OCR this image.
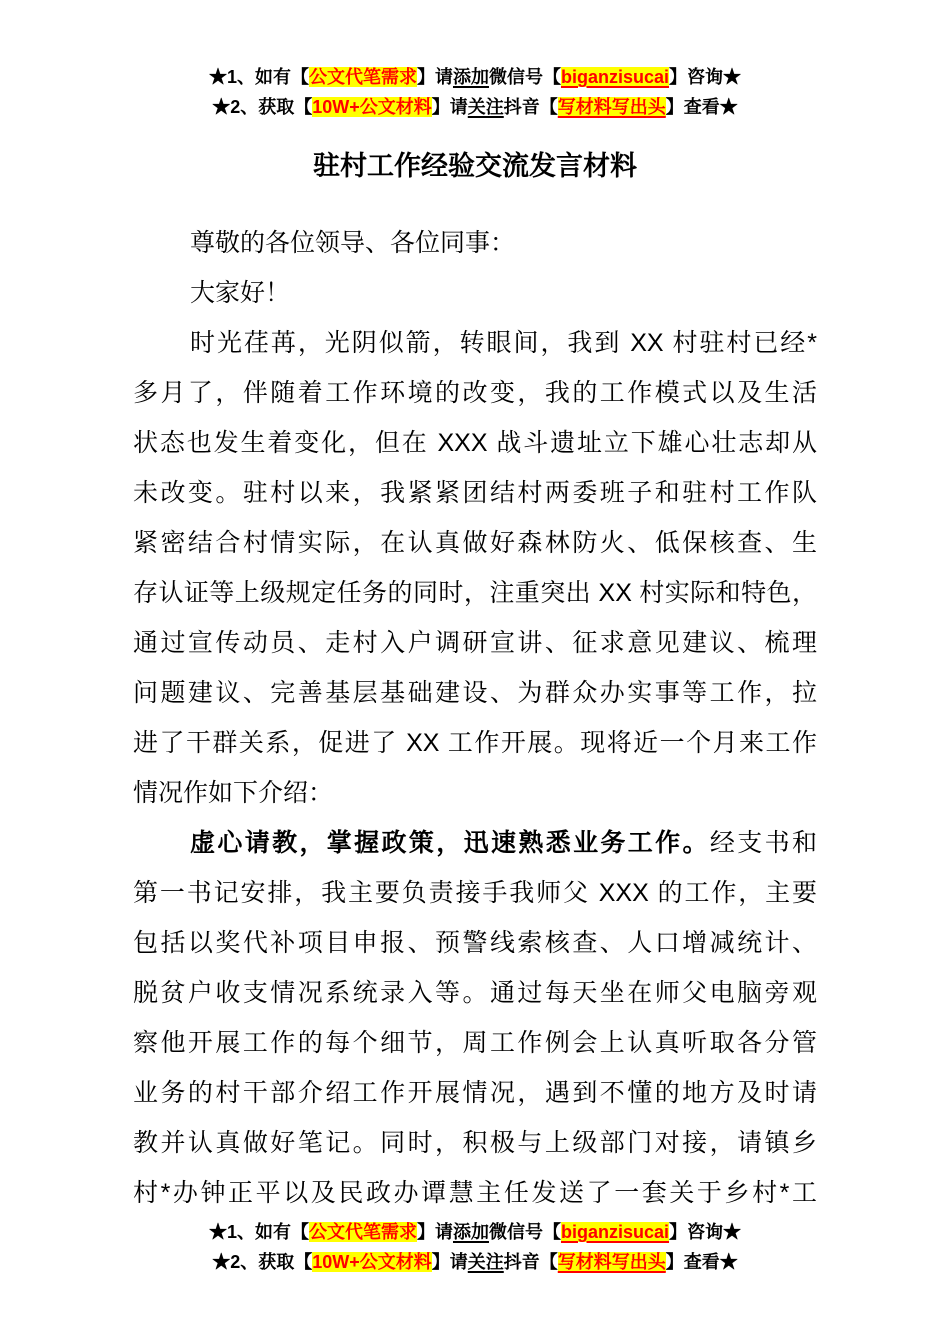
★1、如有【公文代笔需求】请添加微信号【biganzisucai】咨询★
★2、获取【10W+公文材料】请关注抖音【写材料写出头】查看★
驻村工作经验交流发言材料
尊敬的各位领导、各位同事：
大家好！
时光荏苒，光阴似箭，转眼间，我到 XX 村驻村已经*
多月了，伴随着工作环境的改变，我的工作模式以及生活
状态也发生着变化，但在 XXX 战斗遗址立下雄心壮志却从
未改变。驻村以来，我紧紧团结村两委班子和驻村工作队
紧密结合村情实际，在认真做好森林防火、低保核查、生
存认证等上级规定任务的同时，注重突出 XX 村实际和特色，
通过宣传动员、走村入户调研宣讲、征求意见建议、梳理
问题建议、完善基层基础建设、为群众办实事等工作，拉
进了干群关系，促进了 XX 工作开展。现将近一个月来工作
情况作如下介绍：
虚心请教，掌握政策，迅速熟悉业务工作。经支书和
第一书记安排，我主要负责接手我师父 XXX 的工作，主要
包括以奖代补项目申报、预警线索核查、人口增减统计、
脱贫户收支情况系统录入等。通过每天坐在师父电脑旁观
察他开展工作的每个细节，周工作例会上认真听取各分管
业务的村干部介绍工作开展情况，遇到不懂的地方及时请
教并认真做好笔记。同时，积极与上级部门对接，请镇乡
村*办钟正平以及民政办谭慧主任发送了一套关于乡村*工
★1、如有【公文代笔需求】请添加微信号【biganzisucai】咨询★
★2、获取【10W+公文材料】请关注抖音【写材料写出头】查看★
